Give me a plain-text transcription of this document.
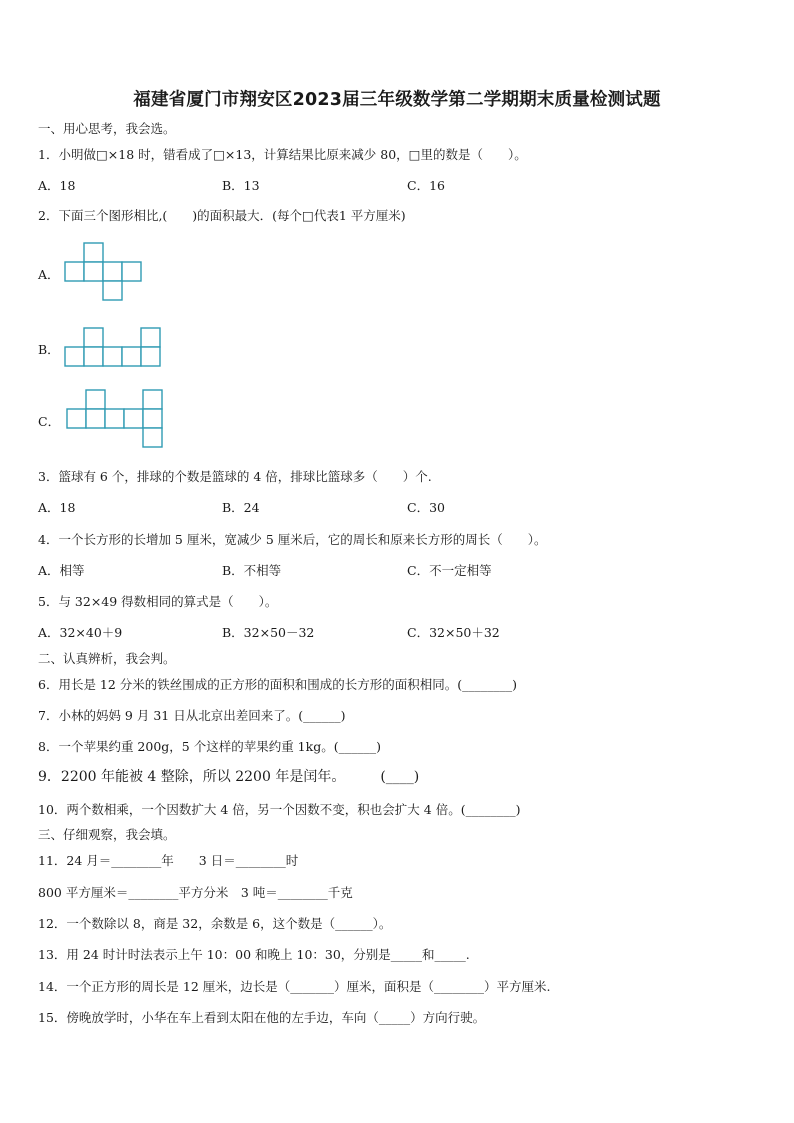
福建省厦门市翔安区2023届三年级数学第二学期期末质量检测试题
一、用心思考，我会选。
1．小明做□×18 时，错看成了□×13，计算结果比原来减少 80，□里的数是（　　）。
A．18	B．13	C．16
2．下面三个图形相比,(　　)的面积最大．(每个□代表1 平方厘米)
A．
B．
C．
3．篮球有 6 个，排球的个数是篮球的 4 倍，排球比篮球多（　　）个.
A．18	B．24	C．30
4．一个长方形的长增加 5 厘米，宽减少 5 厘米后，它的周长和原来长方形的周长（　　）。
A．相等	B．不相等	C．不一定相等
5．与 32×49 得数相同的算式是（　　）。
A．32×40＋9	B．32×50－32	C．32×50＋32
二、认真辨析，我会判。
6．用长是 12 分米的铁丝围成的正方形的面积和围成的长方形的面积相同。(________)
7．小林的妈妈 9 月 31 日从北京出差回来了。(______)
8．一个苹果约重 200g，5 个这样的苹果约重 1kg。(______)
9．2200 年能被 4 整除，所以 2200 年是闰年。　　　(____)
10．两个数相乘，一个因数扩大 4 倍，另一个因数不变，积也会扩大 4 倍。(________)
三、仔细观察，我会填。
11．24 月＝________年　　3 日＝________时
800 平方厘米＝________平方分米　3 吨＝________千克
12．一个数除以 8，商是 32，余数是 6，这个数是（______）。
13．用 24 时计时法表示上午 10：00 和晚上 10：30，分别是_____和_____.
14．一个正方形的周长是 12 厘米，边长是（_______）厘米，面积是（________）平方厘米.
15．傍晚放学时，小华在车上看到太阳在他的左手边，车向（_____）方向行驶。
